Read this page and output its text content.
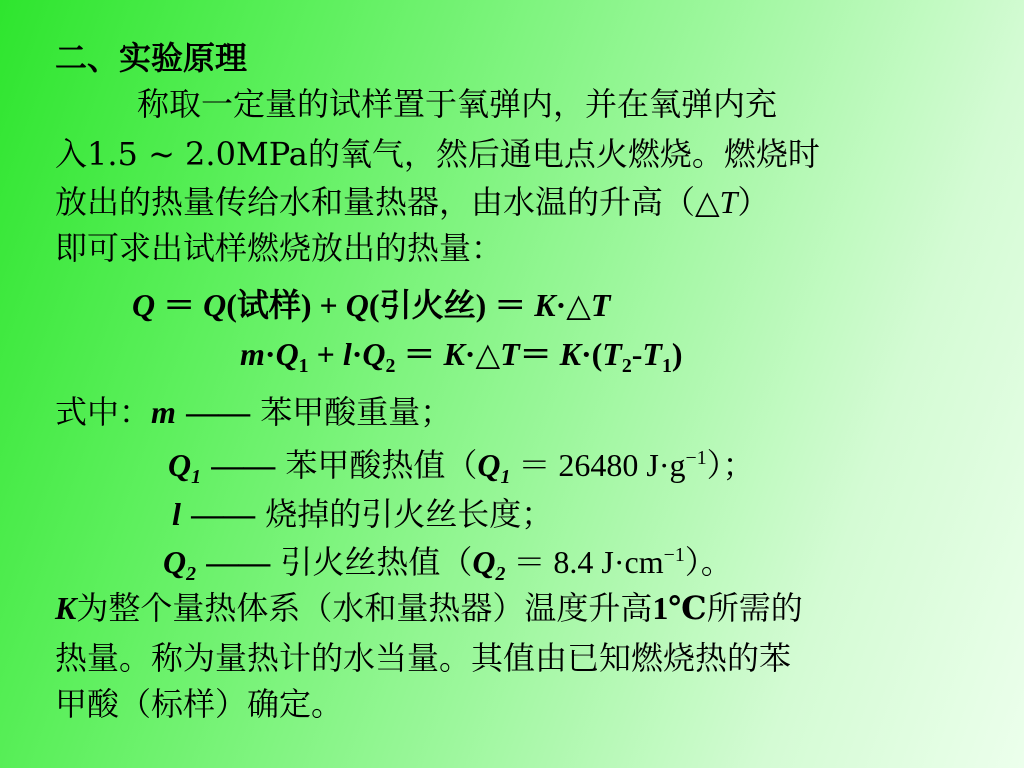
二、实验原理
称取一定量的试样置于氧弹内，并在氧弹内充
入1.5 ~ 2.0MPa的氧气，然后通电点火燃烧。燃烧时
放出的热量传给水和量热器，由水温的升高（△T）
即可求出试样燃烧放出的热量：
Q ＝ Q(试样) + Q(引火丝) ＝ K·△T
$m\cdot Q_1 + l\cdot Q_2$ ＝ K·△T＝ $K\cdot(T_2-T_1)$
式中：m —— 苯甲酸重量；
$Q_1$ —— 苯甲酸热值（$Q_1 = 26480$ $J\cdot g^{-1}$）；
l —— 烧掉的引火丝长度；
$Q_2$ —— 引火丝热值（$Q_2 = 8.4$ $J\cdot cm^{-1}$）。
K为整个量热体系（水和量热器）温度升高1℃所需的
热量。称为量热计的水当量。其值由已知燃烧热的苯
甲酸（标样）确定。
